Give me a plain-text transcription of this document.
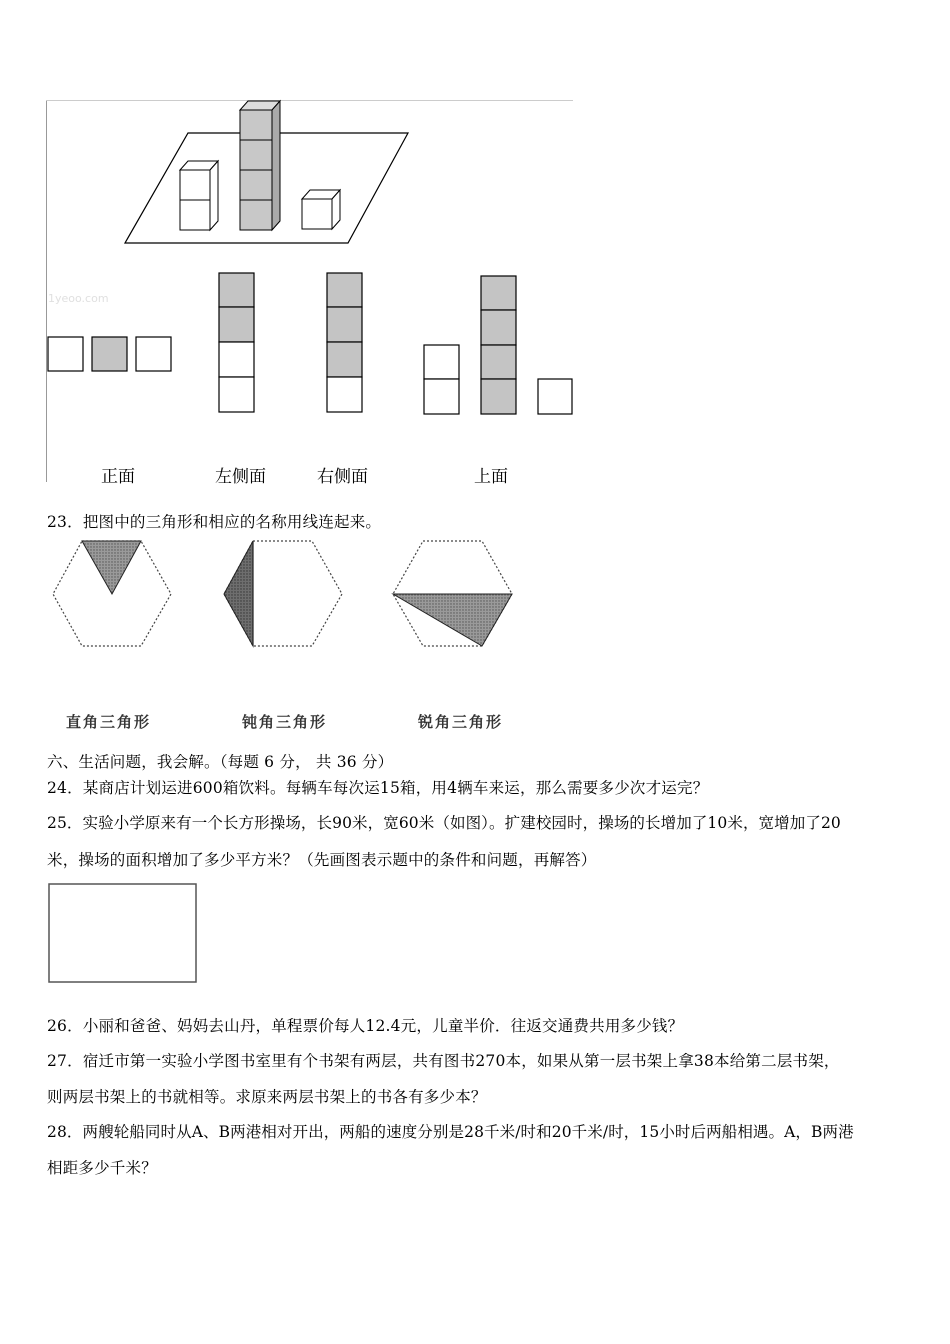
1yeoo.com
正面	左侧面	右侧面	上面
23．把图中的三角形和相应的名称用线连起来。
直角三角形	钝角三角形	锐角三角形
六、生活问题，我会解。（每题 6 分， 共 36 分）
24．某商店计划运进600箱饮料。每辆车每次运15箱，用4辆车来运，那么需要多少次才运完？
25．实验小学原来有一个长方形操场，长90米，宽60米（如图）。扩建校园时，操场的长增加了10米，宽增加了20
米，操场的面积增加了多少平方米？（先画图表示题中的条件和问题，再解答）
26．小丽和爸爸、妈妈去山丹，单程票价每人12.4元，儿童半价．往返交通费共用多少钱？
27．宿迁市第一实验小学图书室里有个书架有两层，共有图书270本，如果从第一层书架上拿38本给第二层书架，
则两层书架上的书就相等。求原来两层书架上的书各有多少本？
28．两艘轮船同时从A、B两港相对开出，两船的速度分别是28千米/时和20千米/时，15小时后两船相遇。A，B两港
相距多少千米？
